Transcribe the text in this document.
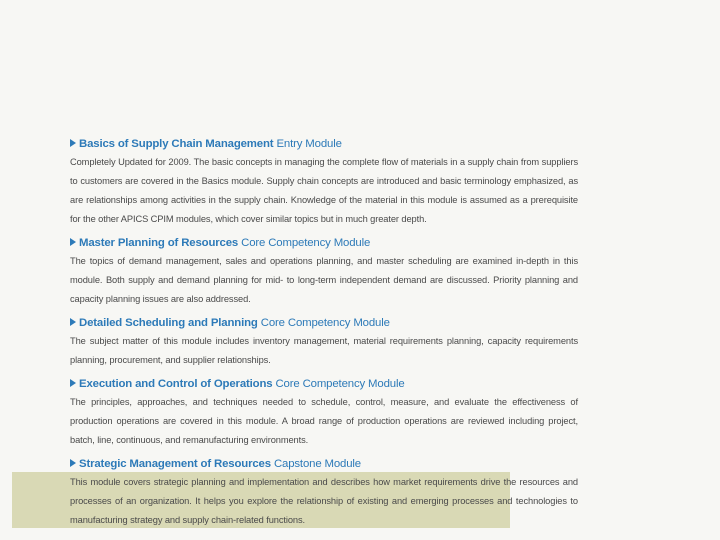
Basics of Supply Chain Management Entry Module
Completely Updated for 2009. The basic concepts in managing the complete flow of materials in a supply chain from suppliers to customers are covered in the Basics module. Supply chain concepts are introduced and basic terminology emphasized, as are relationships among activities in the supply chain. Knowledge of the material in this module is assumed as a prerequisite for the other APICS CPIM modules, which cover similar topics but in much greater depth.
Master Planning of Resources Core Competency Module
The topics of demand management, sales and operations planning, and master scheduling are examined in-depth in this module. Both supply and demand planning for mid- to long-term independent demand are discussed. Priority planning and capacity planning issues are also addressed.
Detailed Scheduling and Planning Core Competency Module
The subject matter of this module includes inventory management, material requirements planning, capacity requirements planning, procurement, and supplier relationships.
Execution and Control of Operations Core Competency Module
The principles, approaches, and techniques needed to schedule, control, measure, and evaluate the effectiveness of production operations are covered in this module. A broad range of production operations are reviewed including project, batch, line, continuous, and remanufacturing environments.
Strategic Management of Resources Capstone Module
This module covers strategic planning and implementation and describes how market requirements drive the resources and processes of an organization. It helps you explore the relationship of existing and emerging processes and technologies to manufacturing strategy and supply chain-related functions.
